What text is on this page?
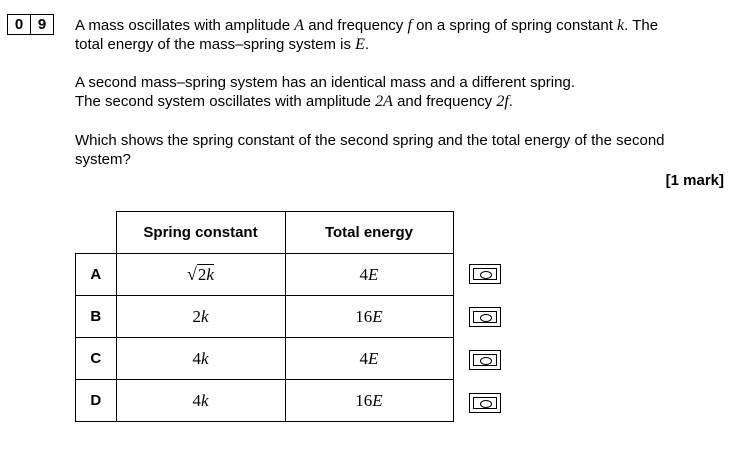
0 9	A mass oscillates with amplitude A and frequency f on a spring of spring constant k. The
total energy of the mass–spring system is E.

A second mass–spring system has an identical mass and a different spring.
The second system oscillates with amplitude 2A and frequency 2f.

Which shows the spring constant of the second spring and the total energy of the second
system?

[1 mark]
	Spring constant	Total energy
A	√2k	4E
B	2k	16E
C	4k	4E
D	4k	16E
